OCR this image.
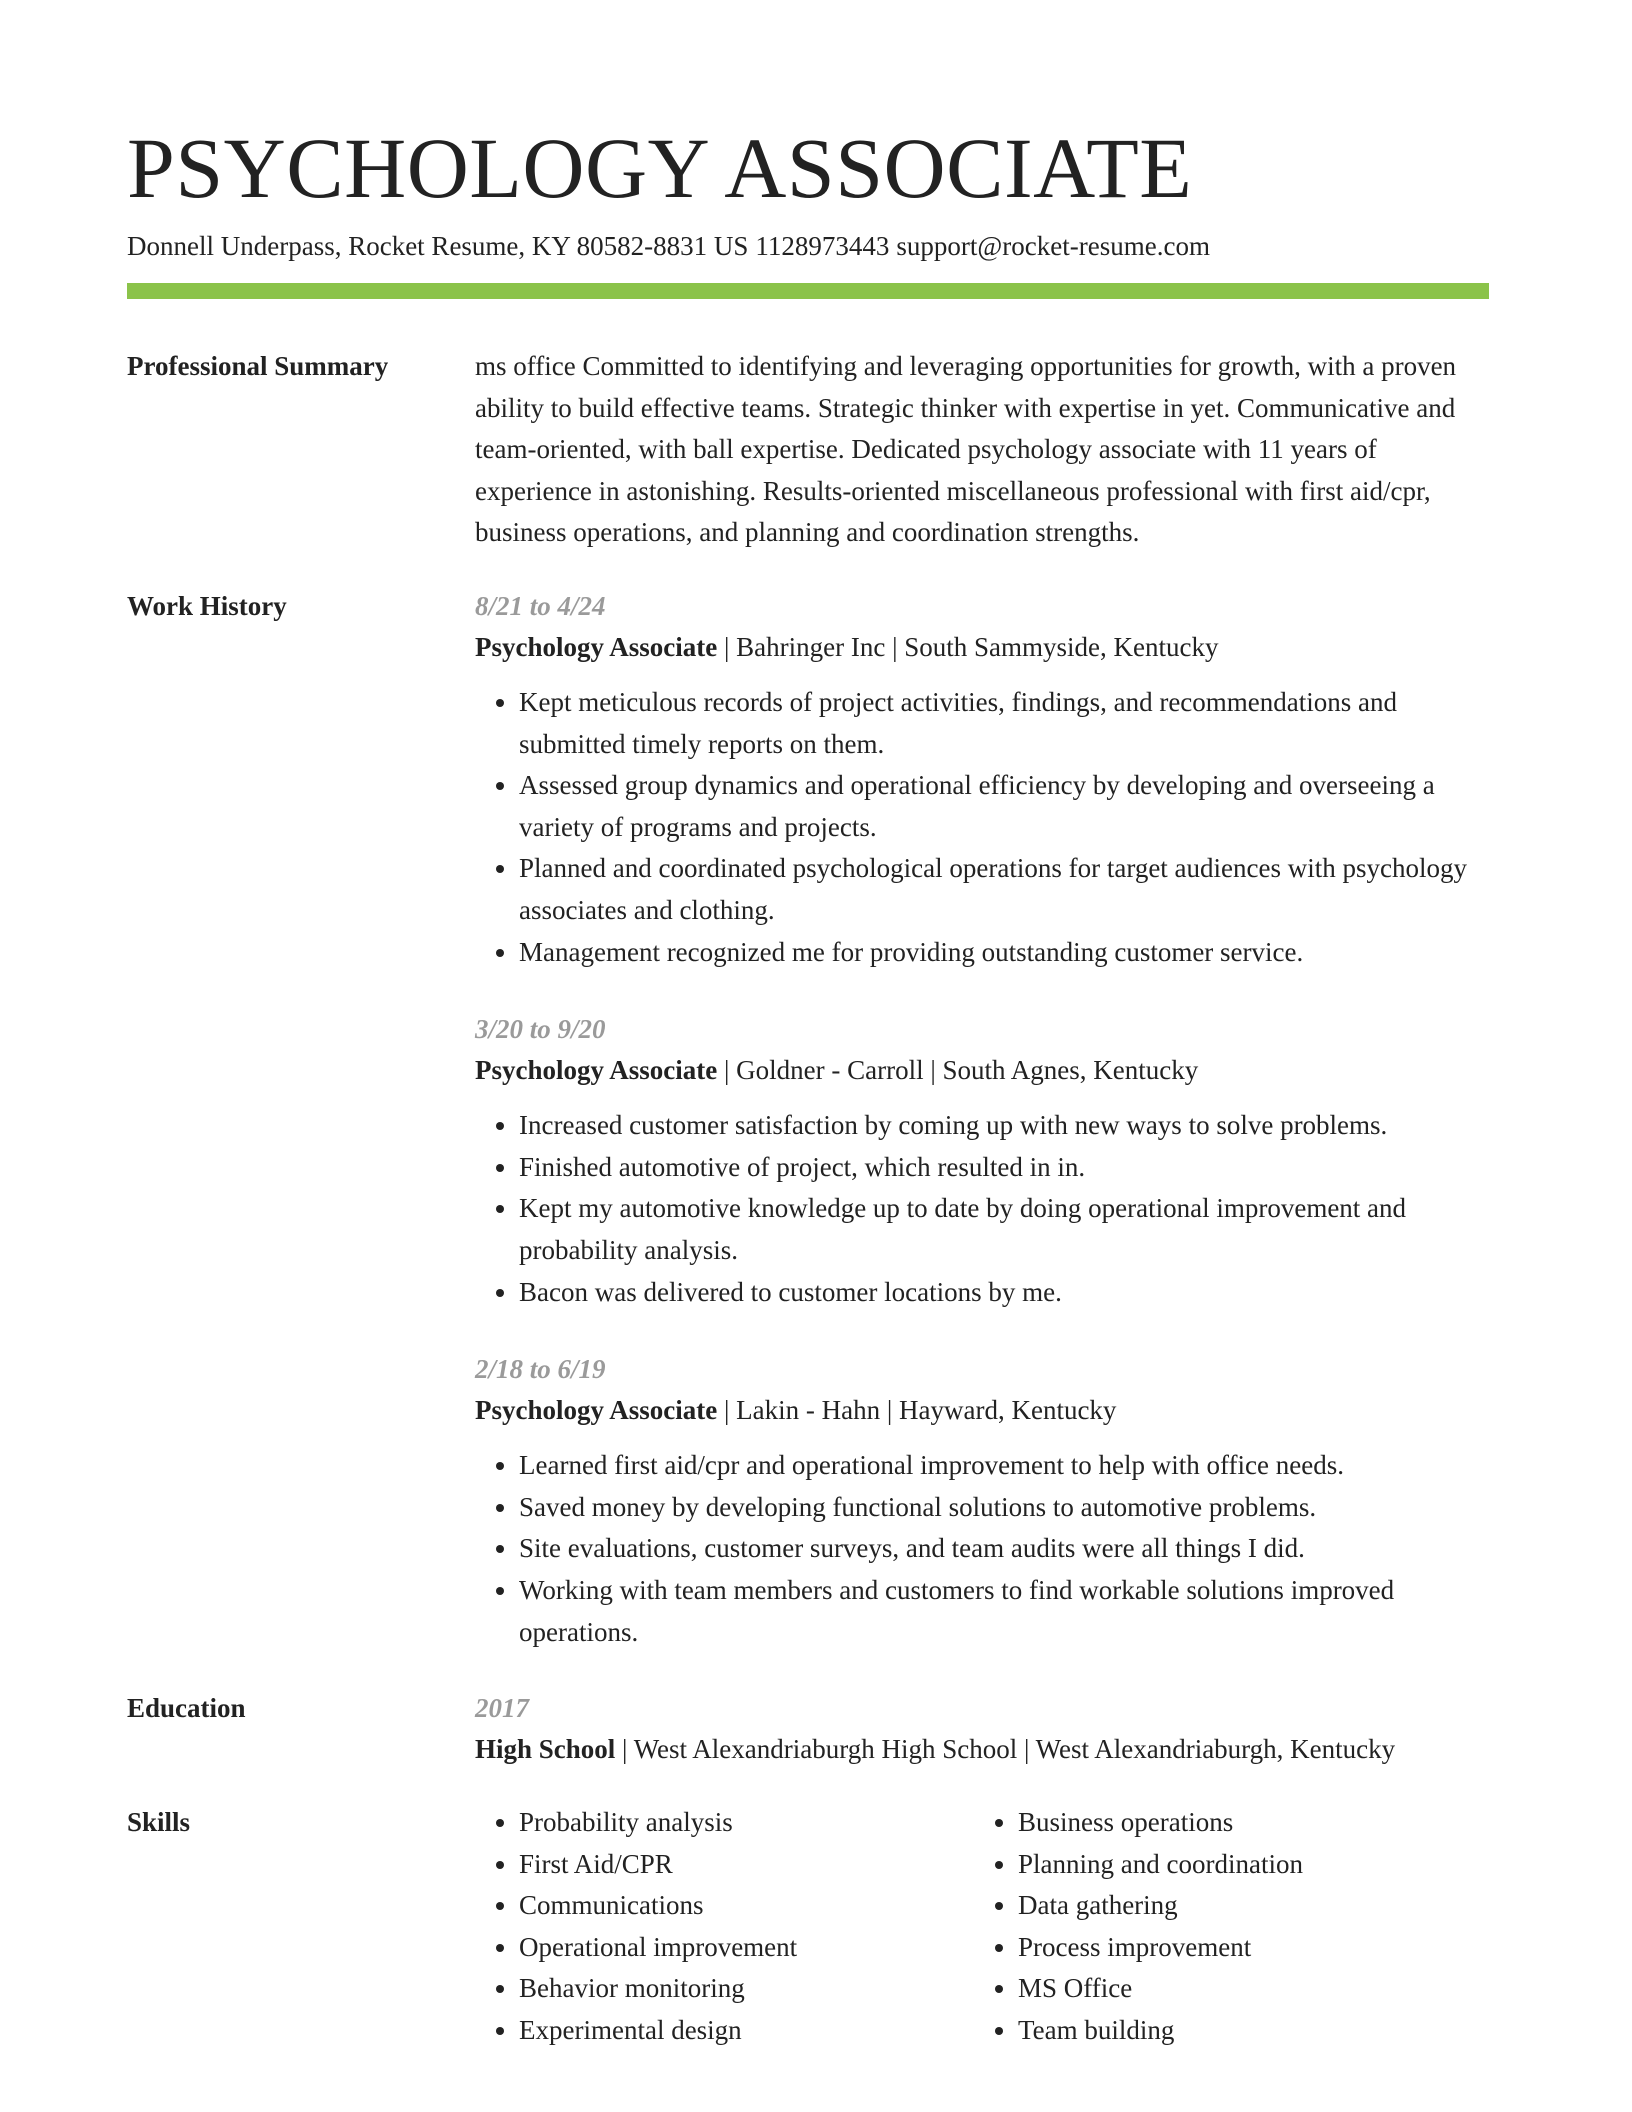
PSYCHOLOGY ASSOCIATE
Donnell Underpass, Rocket Resume, KY 80582-8831 US 1128973443 support@rocket-resume.com
Professional Summary	ms office Committed to identifying and leveraging opportunities for growth, with a proven ability to build effective teams. Strategic thinker with expertise in yet. Communicative and team-oriented, with ball expertise. Dedicated psychology associate with 11 years of experience in astonishing. Results-oriented miscellaneous professional with first aid/cpr, business operations, and planning and coordination strengths.

Work History	8/21 to 4/24
Psychology Associate | Bahringer Inc | South Sammyside, Kentucky
• Kept meticulous records of project activities, findings, and recommendations and submitted timely reports on them.
• Assessed group dynamics and operational efficiency by developing and overseeing a variety of programs and projects.
• Planned and coordinated psychological operations for target audiences with psychology associates and clothing.
• Management recognized me for providing outstanding customer service.
3/20 to 9/20
Psychology Associate | Goldner - Carroll | South Agnes, Kentucky
• Increased customer satisfaction by coming up with new ways to solve problems.
• Finished automotive of project, which resulted in in.
• Kept my automotive knowledge up to date by doing operational improvement and probability analysis.
• Bacon was delivered to customer locations by me.
2/18 to 6/19
Psychology Associate | Lakin - Hahn | Hayward, Kentucky
• Learned first aid/cpr and operational improvement to help with office needs.
• Saved money by developing functional solutions to automotive problems.
• Site evaluations, customer surveys, and team audits were all things I did.
• Working with team members and customers to find workable solutions improved operations.
Education	2017
High School | West Alexandriaburgh High School | West Alexandriaburgh, Kentucky
Skills
•	Probability analysis
• First Aid/CPR
• Communications
• Operational improvement
• Behavior monitoring
• Experimental design
• Business operations
• Planning and coordination
• Data gathering
• Process improvement
• MS Office
• Team building
